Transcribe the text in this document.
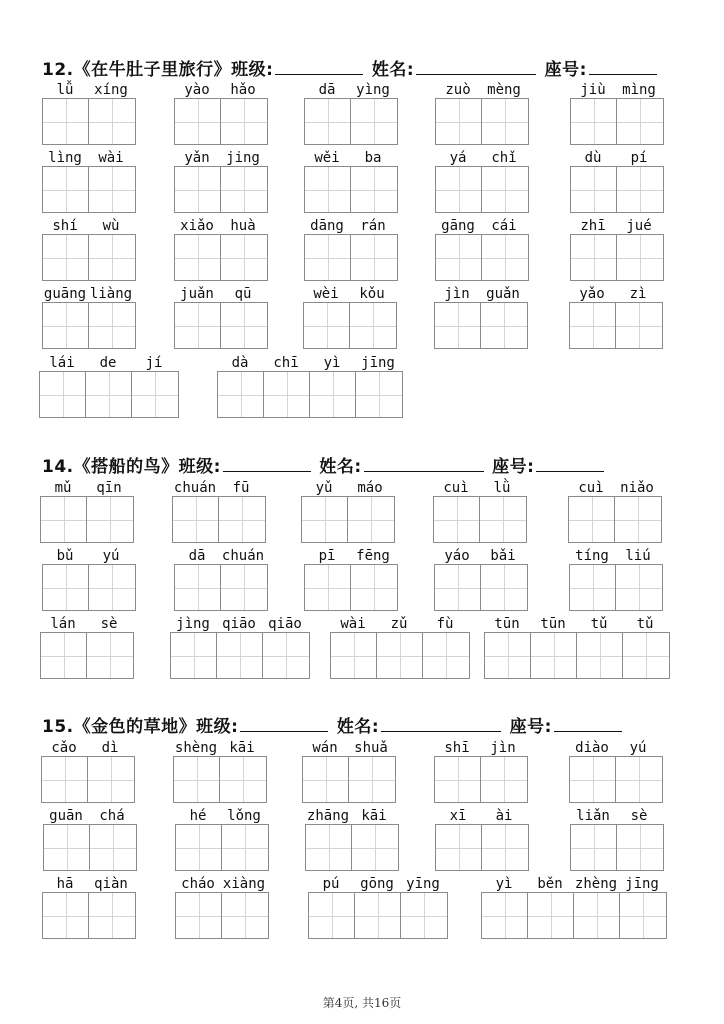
12.《在牛肚子里旅行》班级:	姓名:	座号:
lǚ	xíng	yào	hǎo	dā	yìng	zuò	mèng	jiù	mìng
lìng	wài	yǎn	jing	wěi	ba	yá	chǐ	dù	pí
shí	wù	xiǎo	huà	dāng	rán	gāng	cái	zhī	jué
guāng liàng	juǎn	qū	wèi	kǒu	jìn	guǎn	yǎo	zì
lái	de	jí	dà	chī	yì	jīng
14.《搭船的鸟》班级:	姓名:	座号:
mǔ	qīn	chuán	fū	yǔ	máo	cuì	lǜ	cuì	niǎo
bǔ	yú	dā	chuán	pī	fēng	yáo	bǎi	tíng	liú
lán	sè	jìng qiāo qiāo	wài	zǔ	fù	tūn	tūn	tǔ	tǔ
15.《金色的草地》班级:	姓名:	座号:
cǎo	dì	shèng kāi	wán	shuǎ	shī	jìn	diào	yú
guān	chá	hé	lǒng	zhāng kāi	xī	ài	liǎn	sè
hā	qiàn	cháo xiàng	pú	gōng yīng	yì	běn zhèng jīng
第4页, 共16页
